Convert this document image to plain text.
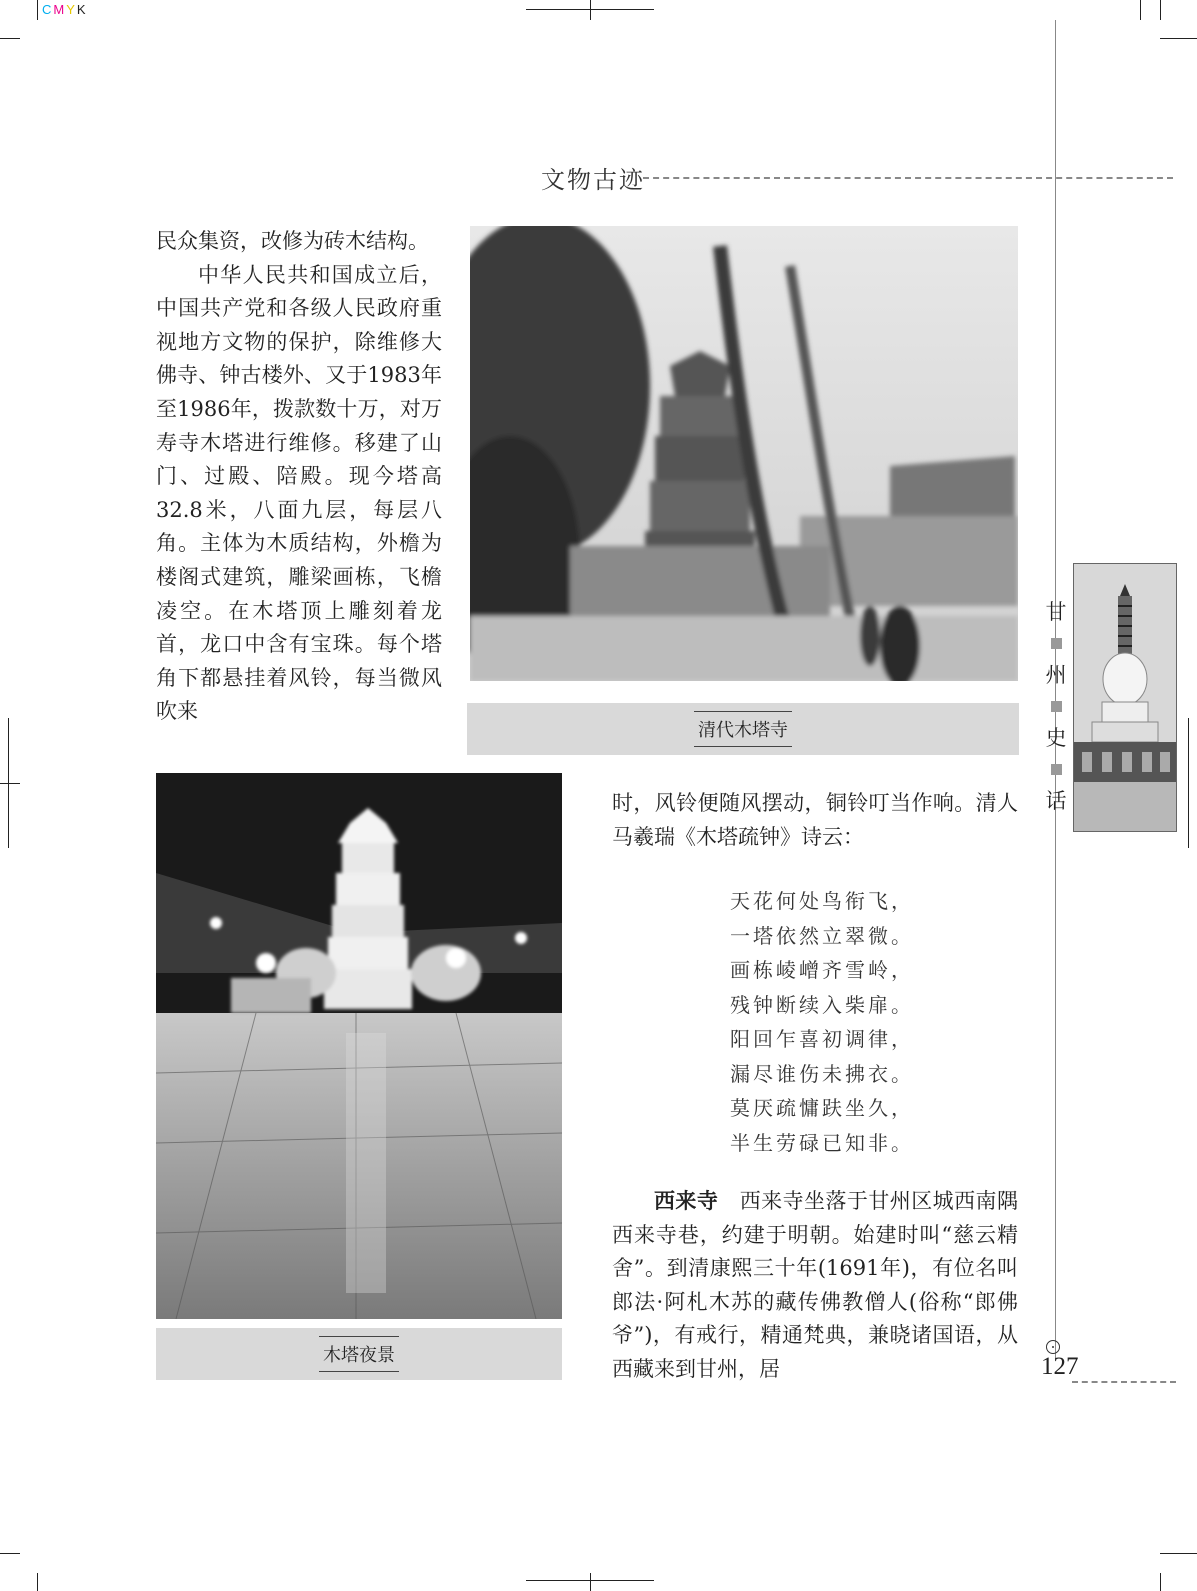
CMYK
文物古迹

民众集资，改修为砖木结构。

中华人民共和国成立后，中国共产党和各级人民政府重视地方文物的保护，除维修大佛寺、钟古楼外、又于1983年至1986年，拨款数十万，对万寿寺木塔进行维修。移建了山门、过殿、陪殿。现今塔高32.8米，八面九层，每层八角。主体为木质结构，外檐为楼阁式建筑，雕梁画栋，飞檐凌空。在木塔顶上雕刻着龙首，龙口中含有宝珠。每个塔角下都悬挂着风铃，每当微风吹来

清代木塔寺
木塔夜景

时，风铃便随风摆动，铜铃叮当作响。清人马羲瑞《木塔疏钟》诗云：

天花何处鸟衔飞，
一塔依然立翠微。
画栋崚嶒齐雪岭，
残钟断续入柴扉。
阳回乍喜初调律，
漏尽谁伤未拂衣。
莫厌疏慵趺坐久，
半生劳碌已知非。

西来寺 西来寺坐落于甘州区城西南隅西来寺巷，约建于明朝。始建时叫“慈云精舍”。到清康熙三十年(1691年)，有位名叫郎法·阿札木苏的藏传佛教僧人(俗称“郎佛爷”)，有戒行，精通梵典，兼晓诸国语，从西藏来到甘州，居

甘
州
史
话
127
